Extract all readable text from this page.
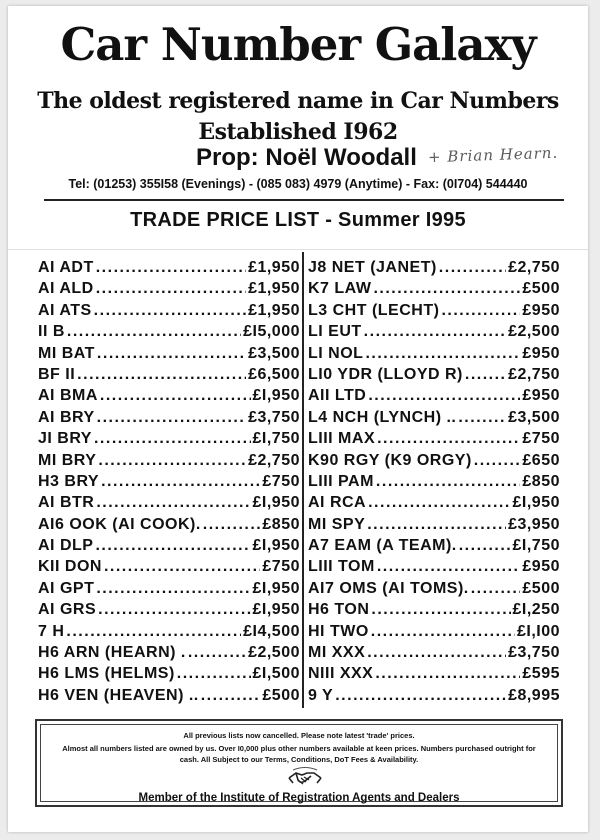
Car Number Galaxy
The oldest registered name in Car Numbers
Established I962
Prop: Noël Woodall + Brian Hearn.
Tel: (01253) 355I58 (Evenings) - (085 083) 4979 (Anytime) - Fax: (0I704) 544440
TRADE PRICE LIST - Summer I995
AI ADT .....	£1,950
AI ALD .....	£1,950
AI ATS .....	£1,950
II B .....	£I5,000
MI BAT .....	£3,500
BF II .....	£6,500
AI BMA .....	£I,950
AI BRY .....	£3,750
JI BRY .....	£I,750
MI BRY .....	£2,750
H3 BRY .....	£750
AI BTR .....	£I,950
AI6 OOK (AI COOK). .....	£850
AI DLP .....	£I,950
KII DON .....	£750
AI GPT .....	£I,950
AI GRS .....	£I,950
7 H .....	£I4,500
H6 ARN (HEARN) . .....	£2,500
H6 LMS (HELMS) .....	£I,500
H6 VEN (HEAVEN) .. .....	£500
J8 NET (JANET) .....	£2,750
K7 LAW .....	£500
L3 CHT (LECHT) .....	£950
LI EUT .....	£2,500
LI NOL .....	£950
LI0 YDR (LLOYD R) .....	£2,750
AII LTD .....	£950
L4 NCH (LYNCH) .. .....	£3,500
LIII MAX .....	£750
K90 RGY (K9 ORGY) .....	£650
LIII PAM .....	£850
AI RCA .....	£I,950
MI SPY .....	£3,950
A7 EAM (A TEAM). .....	£I,750
LIII TOM .....	£950
AI7 OMS (AI TOMS). .....	£500
H6 TON .....	£I,250
HI TWO .....	£I,I00
MI XXX .....	£3,750
NIII XXX .....	£595
9 Y .....	£8,995
All previous lists now cancelled. Please note latest 'trade' prices.
Almost all numbers listed are owned by us. Over I0,000 plus other numbers available at keen prices. Numbers purchased outright for
cash. All Subject to our Terms, Conditions, DoT Fees & Availability.
Member of the Institute of Registration Agents and Dealers
